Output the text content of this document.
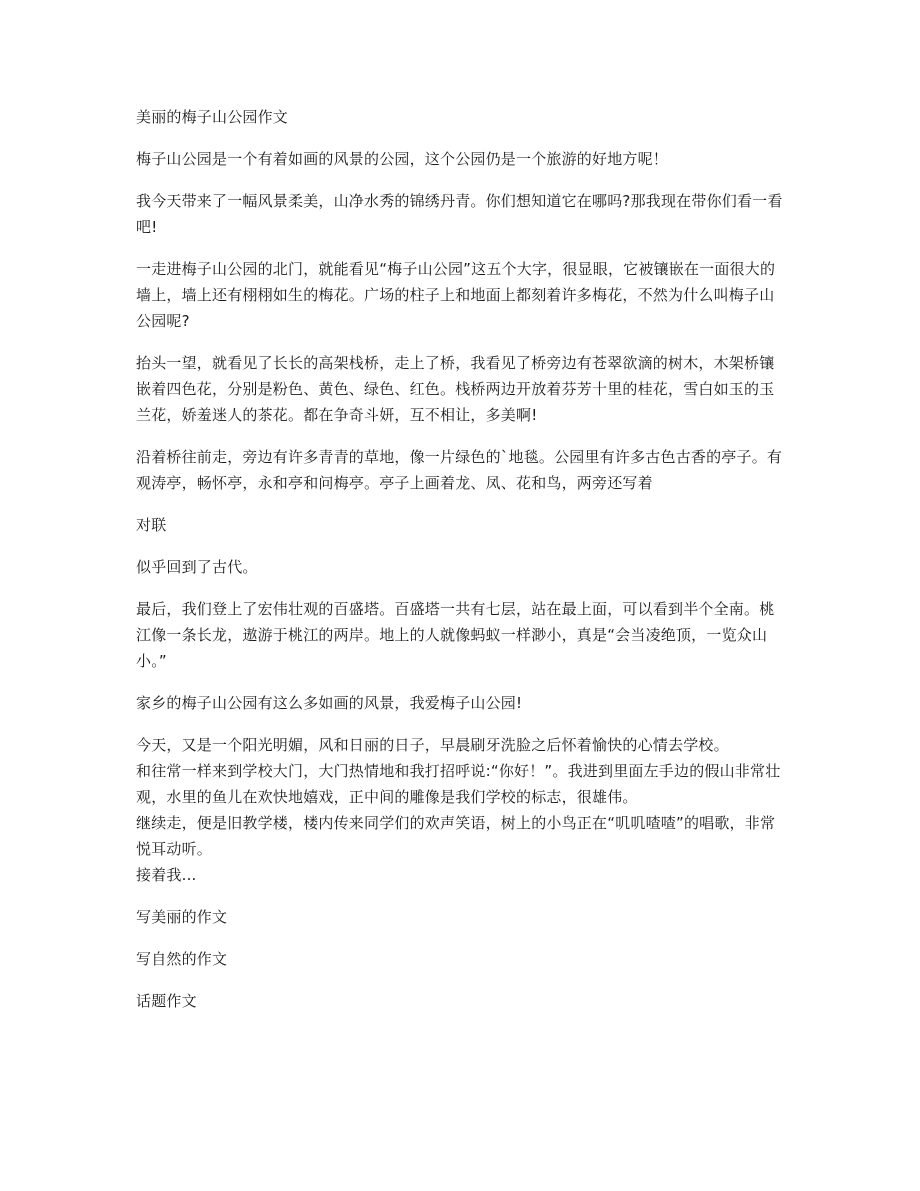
美丽的梅子山公园作文
梅子山公园是一个有着如画的风景的公园，这个公园仍是一个旅游的好地方呢！
我今天带来了一幅风景柔美，山净水秀的锦绣丹青。你们想知道它在哪吗?那我现在带你们看一看吧!
一走进梅子山公园的北门，就能看见“梅子山公园”这五个大字，很显眼，它被镶嵌在一面很大的墙上，墙上还有栩栩如生的梅花。广场的柱子上和地面上都刻着许多梅花，不然为什么叫梅子山公园呢?
抬头一望，就看见了长长的高架栈桥，走上了桥，我看见了桥旁边有苍翠欲滴的树木，木架桥镶嵌着四色花，分别是粉色、黄色、绿色、红色。栈桥两边开放着芬芳十里的桂花，雪白如玉的玉兰花，娇羞迷人的茶花。都在争奇斗妍，互不相让，多美啊!
沿着桥往前走，旁边有许多青青的草地，像一片绿色的`地毯。公园里有许多古色古香的亭子。有观涛亭，畅怀亭，永和亭和问梅亭。亭子上画着龙、凤、花和鸟，两旁还写着
对联
似乎回到了古代。
最后，我们登上了宏伟壮观的百盛塔。百盛塔一共有七层，站在最上面，可以看到半个全南。桃江像一条长龙，遨游于桃江的两岸。地上的人就像蚂蚁一样渺小，真是“会当凌绝顶，一览众山小。”
家乡的梅子山公园有这么多如画的风景，我爱梅子山公园!
今天，又是一个阳光明媚，风和日丽的日子，早晨刷牙洗脸之后怀着愉快的心情去学校。
和往常一样来到学校大门，大门热情地和我打招呼说:“你好！”。我进到里面左手边的假山非常壮观，水里的鱼儿在欢快地嬉戏，正中间的雕像是我们学校的标志，很雄伟。
继续走，便是旧教学楼，楼内传来同学们的欢声笑语，树上的小鸟正在“叽叽喳喳”的唱歌，非常悦耳动听。
接着我...
写美丽的作文
写自然的作文
话题作文
